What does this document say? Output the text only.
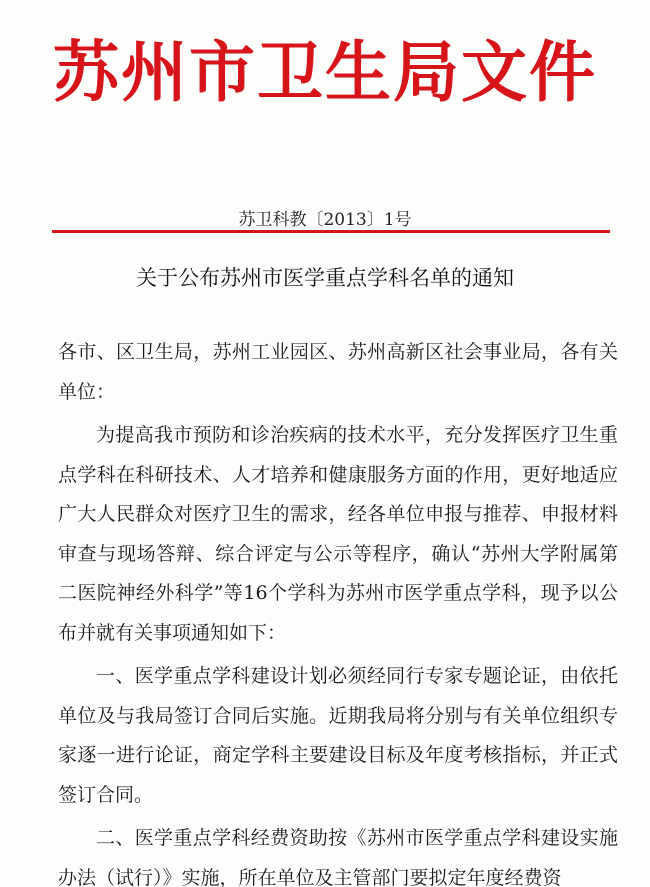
苏州市卫生局文件
苏卫科教〔2013〕1号
关于公布苏州市医学重点学科名单的通知

各市、区卫生局，苏州工业园区、苏州高新区社会事业局，各有关单位：

为提高我市预防和诊治疾病的技术水平，充分发挥医疗卫生重点学科在科研技术、人才培养和健康服务方面的作用，更好地适应广大人民群众对医疗卫生的需求，经各单位申报与推荐、申报材料审查与现场答辩、综合评定与公示等程序，确认“苏州大学附属第二医院神经外科学”等16个学科为苏州市医学重点学科，现予以公布并就有关事项通知如下：

一、医学重点学科建设计划必须经同行专家专题论证，由依托单位及与我局签订合同后实施。近期我局将分别与有关单位组织专家逐一进行论证，商定学科主要建设目标及年度考核指标，并正式签订合同。

二、医学重点学科经费资助按《苏州市医学重点学科建设实施办法（试行）》实施，所在单位及主管部门要拟定年度经费资
